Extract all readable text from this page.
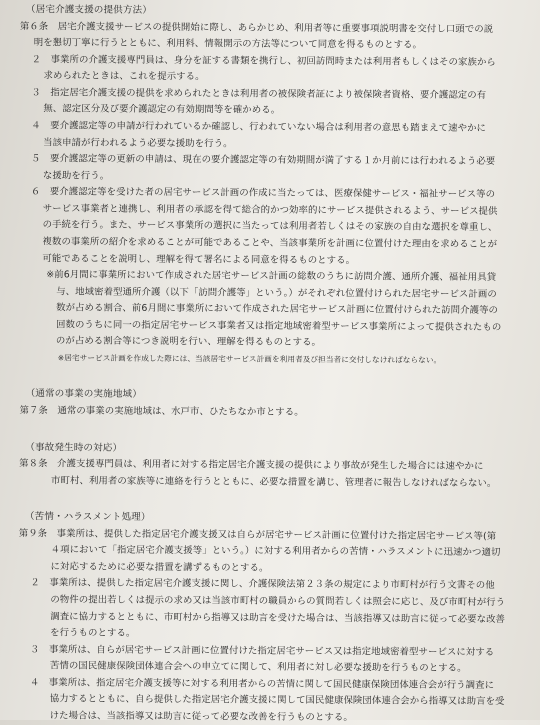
（居宅介護支援の提供方法）
第６条　居宅介護支援サービスの提供開始に際し、あらかじめ、利用者等に重要事項説明書を交付し口頭での説
明を懇切丁寧に行うとともに、利用料、情報開示の方法等について同意を得るものとする。
２　事業所の介護支援専門員は、身分を証する書類を携行し、初回訪問時または利用者もしくはその家族から
求められたときは、これを提示する。
３　指定居宅介護支援の提供を求められたときは利用者の被保険者証により被保険者資格、要介護認定の有
無、認定区分及び要介護認定の有効期間等を確かめる。
４　要介護認定等の申請が行われているか確認し、行われていない場合は利用者の意思も踏まえて速やかに
当該申請が行われるよう必要な援助を行う。
５　要介護認定等の更新の申請は、現在の要介護認定等の有効期間が満了する１か月前には行われるよう必要
な援助を行う。
６　要介護認定等を受けた者の居宅サービス計画の作成に当たっては、医療保健サービス・福祉サービス等の
サービス事業者と連携し、利用者の承認を得て総合的かつ効率的にサービス提供されるよう、サービス提供
の手続を行う。また、サービス事業所の選択に当たっては利用者若しくはその家族の自由な選択を尊重し、
複数の事業所の紹介を求めることが可能であることや、当該事業所を計画に位置付けた理由を求めることが
可能であることを説明し、理解を得て署名による同意を得るものとする。
※前6月間に事業所において作成された居宅サービス計画の総数のうちに訪問介護、通所介護、福祉用具貸
与、地域密着型通所介護（以下「訪問介護等」という。）がそれぞれ位置付けられた居宅サービス計画の
数が占める割合、前6月間に事業所において作成された居宅サービス計画に位置付けられた訪問介護等の
回数のうちに同一の指定居宅サービス事業者又は指定地域密着型サービス事業所によって提供されたもの
のが占める割合等につき説明を行い、理解を得るものとする。
※居宅サービス計画を作成した際には、当該居宅サービス計画を利用者及び担当者に交付しなければならない。
（通常の事業の実施地域）
第７条　通常の事業の実施地域は、水戸市、ひたちなか市とする。
（事故発生時の対応）
第８条　介護支援専門員は、利用者に対する指定居宅介護支援の提供により事故が発生した場合には速やかに
市町村、利用者の家族等に連絡を行うとともに、必要な措置を講じ、管理者に報告しなければならない。
（苦情・ハラスメント処理）
第９条　事業所は、提供した指定居宅介護支援又は自らが居宅サービス計画に位置付けた指定居宅サービス等(第
４項において「指定居宅介護支援等」という。）に対する利用者からの苦情・ハラスメントに迅速かつ適切
に対応するために必要な措置を講ずるものとする。
２　事業所は、提供した指定居宅介護支援に関し、介護保険法第２３条の規定により市町村が行う文書その他
の物件の提出若しくは提示の求め又は当該市町村の職員からの質問若しくは照会に応じ、及び市町村が行う
調査に協力するとともに、市町村から指導又は助言を受けた場合は、当該指導又は助言に従って必要な改善
を行うものとする。
３　事業所は、自らが居宅サービス計画に位置付けた指定居宅サービス又は指定地域密着型サービスに対する
苦情の国民健康保険団体連合会への申立てに関して、利用者に対し必要な援助を行うものとする。
４　事業所は、指定居宅介護支援等に対する利用者からの苦情に関して国民健康保険団体連合会が行う調査に
協力するとともに、自ら提供した指定居宅介護支援に関して国民健康保険団体連合会から指導又は助言を受
けた場合は、当該指導又は助言に従って必要な改善を行うものとする。
